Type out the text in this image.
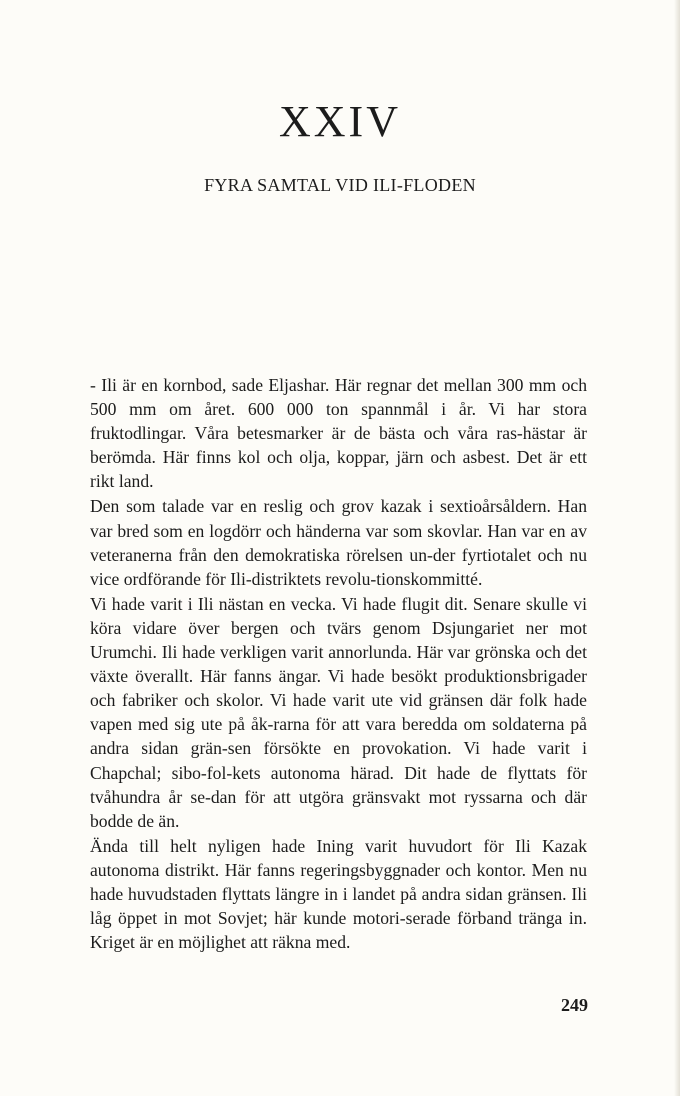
XXIV
FYRA SAMTAL VID ILI-FLODEN

- Ili är en kornbod, sade Eljashar. Här regnar det mellan 300 mm och 500 mm om året. 600 000 ton spannmål i år. Vi har stora fruktodlingar. Våra betesmarker är de bästa och våra ras-hästar är berömda. Här finns kol och olja, koppar, järn och asbest. Det är ett rikt land.

Den som talade var en reslig och grov kazak i sextioårsåldern. Han var bred som en logdörr och händerna var som skovlar. Han var en av veteranerna från den demokratiska rörelsen un-der fyrtiotalet och nu vice ordförande för Ili-distriktets revolu-tionskommitté.

Vi hade varit i Ili nästan en vecka. Vi hade flugit dit. Senare skulle vi köra vidare över bergen och tvärs genom Dsjungariet ner mot Urumchi. Ili hade verkligen varit annorlunda. Här var grönska och det växte överallt. Här fanns ängar. Vi hade besökt produktionsbrigader och fabriker och skolor. Vi hade varit ute vid gränsen där folk hade vapen med sig ute på åk-rarna för att vara beredda om soldaterna på andra sidan grän-sen försökte en provokation. Vi hade varit i Chapchal; sibo-fol-kets autonoma härad. Dit hade de flyttats för tvåhundra år se-dan för att utgöra gränsvakt mot ryssarna och där bodde de än.

Ända till helt nyligen hade Ining varit huvudort för Ili Kazak autonoma distrikt. Här fanns regeringsbyggnader och kontor. Men nu hade huvudstaden flyttats längre in i landet på andra sidan gränsen. Ili låg öppet in mot Sovjet; här kunde motori-serade förband tränga in. Kriget är en möjlighet att räkna med.

249
